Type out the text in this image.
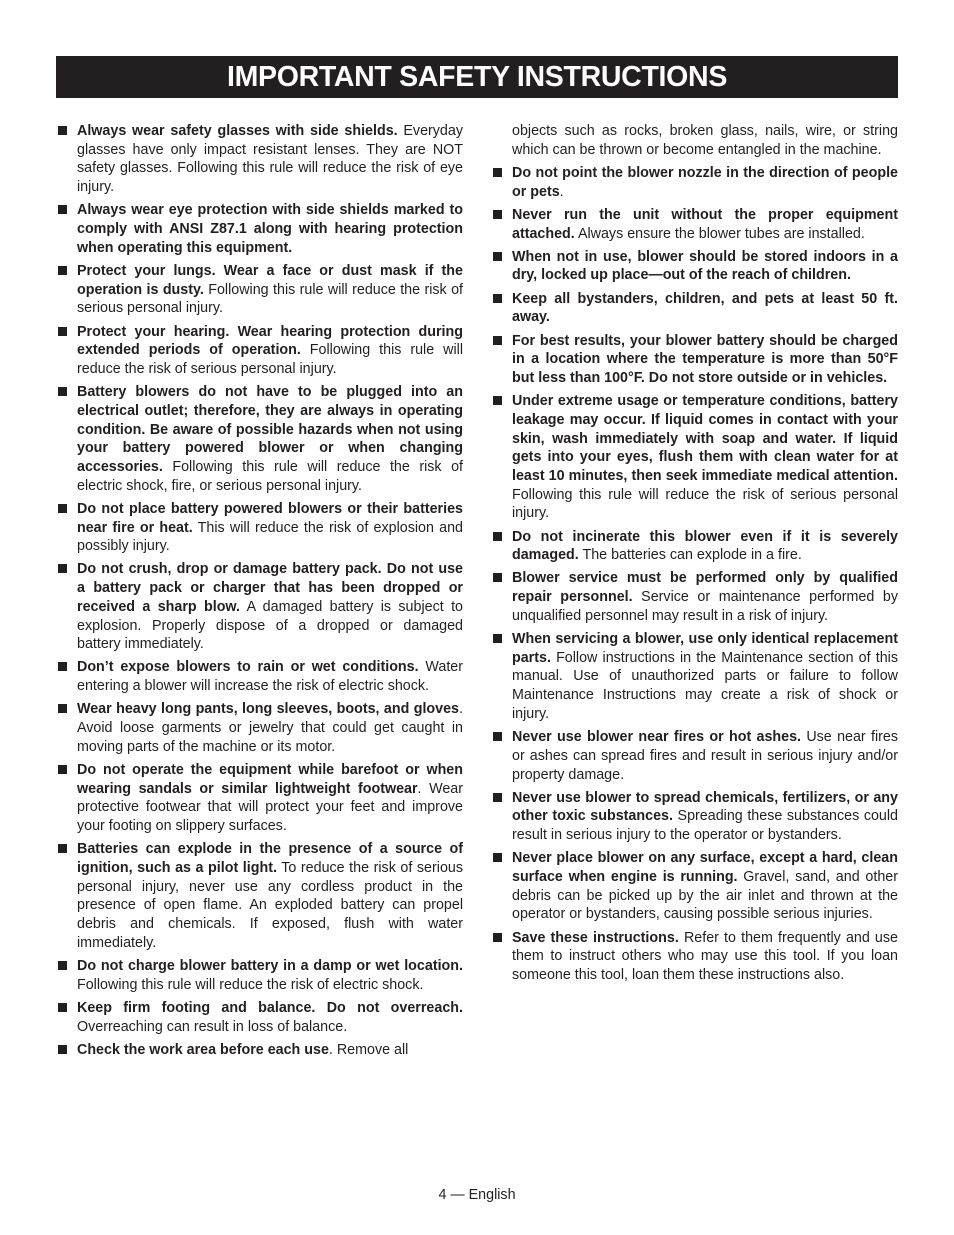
IMPORTANT SAFETY INSTRUCTIONS
Always wear safety glasses with side shields. Everyday glasses have only impact resistant lenses. They are NOT safety glasses. Following this rule will reduce the risk of eye injury.
Always wear eye protection with side shields marked to comply with ANSI Z87.1 along with hearing protection when operating this equipment.
Protect your lungs. Wear a face or dust mask if the operation is dusty. Following this rule will reduce the risk of serious personal injury.
Protect your hearing. Wear hearing protection during extended periods of operation. Following this rule will reduce the risk of serious personal injury.
Battery blowers do not have to be plugged into an electrical outlet; therefore, they are always in operating condition. Be aware of possible hazards when not using your battery powered blower or when changing accessories. Following this rule will reduce the risk of electric shock, fire, or serious personal injury.
Do not place battery powered blowers or their batteries near fire or heat. This will reduce the risk of explosion and possibly injury.
Do not crush, drop or damage battery pack. Do not use a battery pack or charger that has been dropped or received a sharp blow. A damaged battery is subject to explosion. Properly dispose of a dropped or damaged battery immediately.
Don’t expose blowers to rain or wet conditions. Water entering a blower will increase the risk of electric shock.
Wear heavy long pants, long sleeves, boots, and gloves. Avoid loose garments or jewelry that could get caught in moving parts of the machine or its motor.
Do not operate the equipment while barefoot or when wearing sandals or similar lightweight footwear. Wear protective footwear that will protect your feet and improve your footing on slippery surfaces.
Batteries can explode in the presence of a source of ignition, such as a pilot light. To reduce the risk of serious personal injury, never use any cordless product in the presence of open flame. An exploded battery can propel debris and chemicals. If exposed, flush with water immediately.
Do not charge blower battery in a damp or wet location. Following this rule will reduce the risk of electric shock.
Keep firm footing and balance. Do not overreach. Overreaching can result in loss of balance.
Check the work area before each use. Remove all
objects such as rocks, broken glass, nails, wire, or string which can be thrown or become entangled in the machine.
Do not point the blower nozzle in the direction of people or pets.
Never run the unit without the proper equipment attached. Always ensure the blower tubes are installed.
When not in use, blower should be stored indoors in a dry, locked up place—out of the reach of children.
Keep all bystanders, children, and pets at least 50 ft. away.
For best results, your blower battery should be charged in a location where the temperature is more than 50°F but less than 100°F. Do not store outside or in vehicles.
Under extreme usage or temperature conditions, battery leakage may occur. If liquid comes in contact with your skin, wash immediately with soap and water. If liquid gets into your eyes, flush them with clean water for at least 10 minutes, then seek immediate medical attention. Following this rule will reduce the risk of serious personal injury.
Do not incinerate this blower even if it is severely damaged. The batteries can explode in a fire.
Blower service must be performed only by qualified repair personnel. Service or maintenance performed by unqualified personnel may result in a risk of injury.
When servicing a blower, use only identical replacement parts. Follow instructions in the Maintenance section of this manual. Use of unauthorized parts or failure to follow Maintenance Instructions may create a risk of shock or injury.
Never use blower near fires or hot ashes. Use near fires or ashes can spread fires and result in serious injury and/or property damage.
Never use blower to spread chemicals, fertilizers, or any other toxic substances. Spreading these substances could result in serious injury to the operator or bystanders.
Never place blower on any surface, except a hard, clean surface when engine is running. Gravel, sand, and other debris can be picked up by the air inlet and thrown at the operator or bystanders, causing possible serious injuries.
Save these instructions. Refer to them frequently and use them to instruct others who may use this tool. If you loan someone this tool, loan them these instructions also.
4 — English
